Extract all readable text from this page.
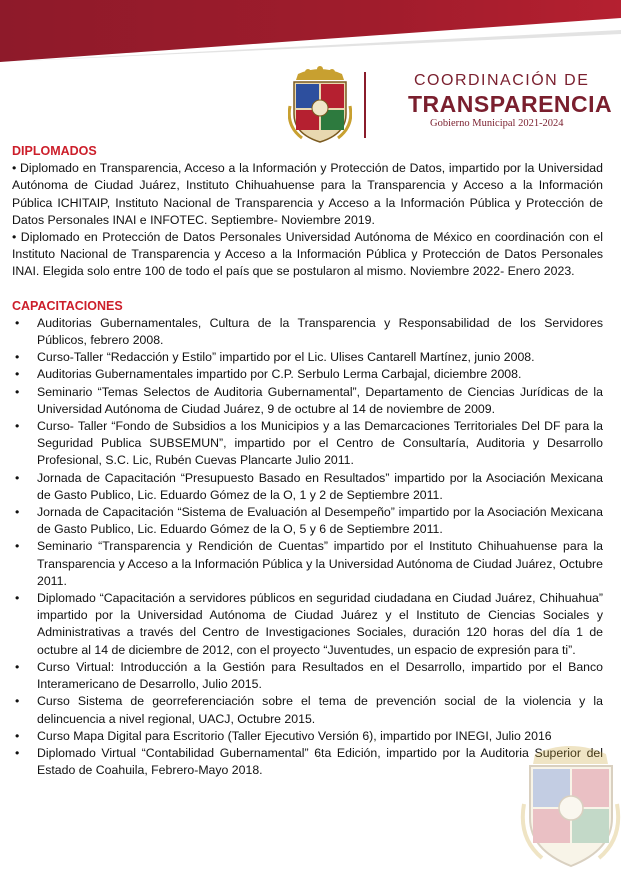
COORDINACIÓN DE
TRANSPARENCIA
Gobierno Municipal 2021-2024

DIPLOMADOS

• Diplomado en Transparencia, Acceso a la Información y Protección de Datos, impartido por la Universidad Autónoma de Ciudad Juárez, Instituto Chihuahuense para la Transparencia y Acceso a la Información Pública ICHITAIP, Instituto Nacional de Transparencia y Acceso a la Información Pública y Protección de Datos Personales INAI e INFOTEC. Septiembre- Noviembre 2019.

• Diplomado en Protección de Datos Personales Universidad Autónoma de México en coordinación con el Instituto Nacional de Transparencia y Acceso a la Información Pública y Protección de Datos Personales INAI. Elegida solo entre 100 de todo el país que se postularon al mismo. Noviembre 2022- Enero 2023.

CAPACITACIONES

• Auditorias Gubernamentales, Cultura de la Transparencia y Responsabilidad de los Servidores Públicos, febrero 2008.
• Curso-Taller “Redacción y Estilo” impartido por el Lic. Ulises Cantarell Martínez, junio 2008.
• Auditorias Gubernamentales impartido por C.P. Serbulo Lerma Carbajal, diciembre 2008.
• Seminario “Temas Selectos de Auditoria Gubernamental”, Departamento de Ciencias Jurídicas de la Universidad Autónoma de Ciudad Juárez, 9 de octubre al 14 de noviembre de 2009.
• Curso- Taller “Fondo de Subsidios a los Municipios y a las Demarcaciones Territoriales Del DF para la Seguridad Publica SUBSEMUN”, impartido por el Centro de Consultaría, Auditoria y Desarrollo Profesional, S.C. Lic, Rubén Cuevas Plancarte Julio 2011.
• Jornada de Capacitación “Presupuesto Basado en Resultados” impartido por la Asociación Mexicana de Gasto Publico, Lic. Eduardo Gómez de la O, 1 y 2 de Septiembre 2011.
• Jornada de Capacitación “Sistema de Evaluación al Desempeño” impartido por la Asociación Mexicana de Gasto Publico, Lic. Eduardo Gómez de la O, 5 y 6 de Septiembre 2011.
• Seminario “Transparencia y Rendición de Cuentas” impartido por el Instituto Chihuahuense para la Transparencia y Acceso a la Información Pública y la Universidad Autónoma de Ciudad Juárez, Octubre 2011.
• Diplomado “Capacitación a servidores públicos en seguridad ciudadana en Ciudad Juárez, Chihuahua” impartido por la Universidad Autónoma de Ciudad Juárez y el Instituto de Ciencias Sociales y Administrativas a través del Centro de Investigaciones Sociales, duración 120 horas del día 1 de octubre al 14 de diciembre de 2012, con el proyecto “Juventudes, un espacio de expresión para ti”.
• Curso Virtual: Introducción a la Gestión para Resultados en el Desarrollo, impartido por el Banco Interamericano de Desarrollo, Julio 2015.
• Curso Sistema de georreferenciación sobre el tema de prevención social de la violencia y la delincuencia a nivel regional, UACJ, Octubre 2015.
• Curso Mapa Digital para Escritorio (Taller Ejecutivo Versión 6), impartido por INEGI, Julio 2016
• Diplomado Virtual “Contabilidad Gubernamental” 6ta Edición, impartido por la Auditoria Superior del Estado de Coahuila, Febrero-Mayo 2018.
